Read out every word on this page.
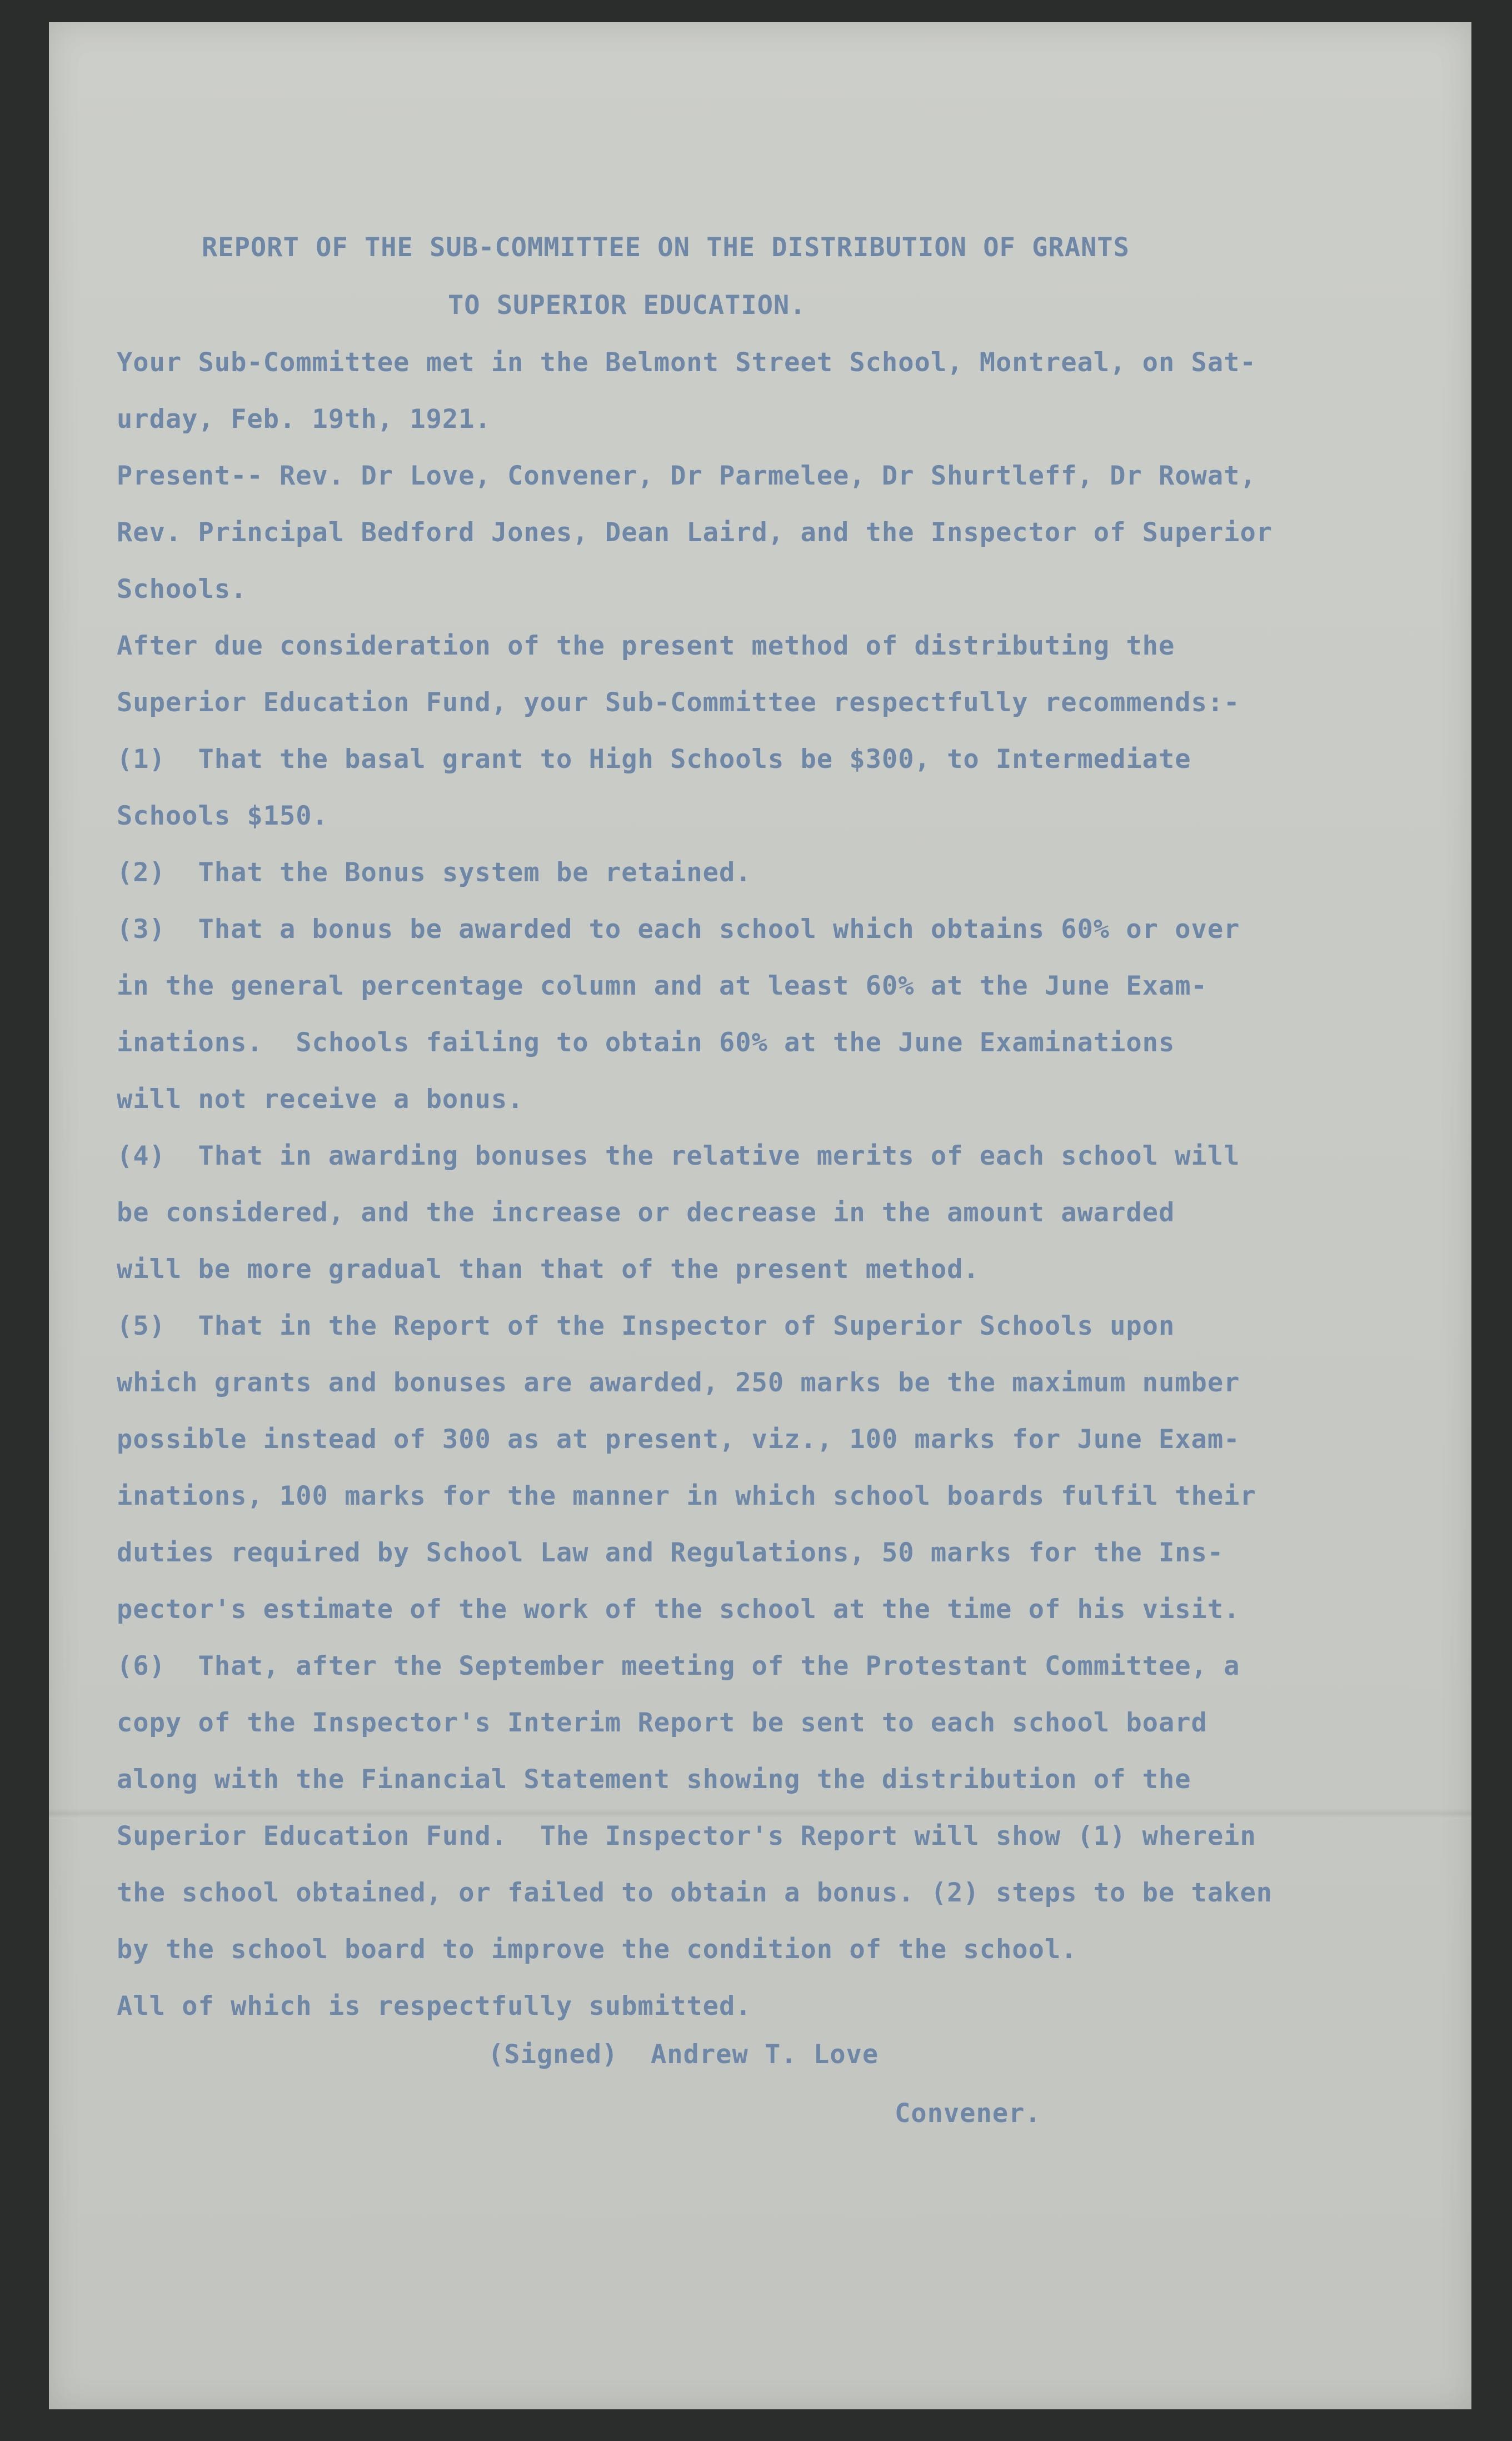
REPORT OF THE SUB-COMMITTEE ON THE DISTRIBUTION OF GRANTS

TO SUPERIOR EDUCATION.

Your Sub-Committee met in the Belmont Street School, Montreal, on Sat-

urday, Feb. 19th, 1921.

Present-- Rev. Dr Love, Convener, Dr Parmelee, Dr Shurtleff, Dr Rowat,

Rev. Principal Bedford Jones, Dean Laird, and the Inspector of Superior

Schools.

After due consideration of the present method of distributing the

Superior Education Fund, your Sub-Committee respectfully recommends:-

(1)  That the basal grant to High Schools be $300, to Intermediate

Schools $150.

(2)  That the Bonus system be retained.

(3)  That a bonus be awarded to each school which obtains 60% or over

in the general percentage column and at least 60% at the June Exam-

inations.  Schools failing to obtain 60% at the June Examinations

will not receive a bonus.

(4)  That in awarding bonuses the relative merits of each school will

be considered, and the increase or decrease in the amount awarded

will be more gradual than that of the present method.

(5)  That in the Report of the Inspector of Superior Schools upon

which grants and bonuses are awarded, 250 marks be the maximum number

possible instead of 300 as at present, viz., 100 marks for June Exam-

inations, 100 marks for the manner in which school boards fulfil their

duties required by School Law and Regulations, 50 marks for the Ins-

pector's estimate of the work of the school at the time of his visit.

(6)  That, after the September meeting of the Protestant Committee, a

copy of the Inspector's Interim Report be sent to each school board

along with the Financial Statement showing the distribution of the

Superior Education Fund.  The Inspector's Report will show (1) wherein

the school obtained, or failed to obtain a bonus. (2) steps to be taken

by the school board to improve the condition of the school.

All of which is respectfully submitted.

(Signed)  Andrew T. Love

Convener.
